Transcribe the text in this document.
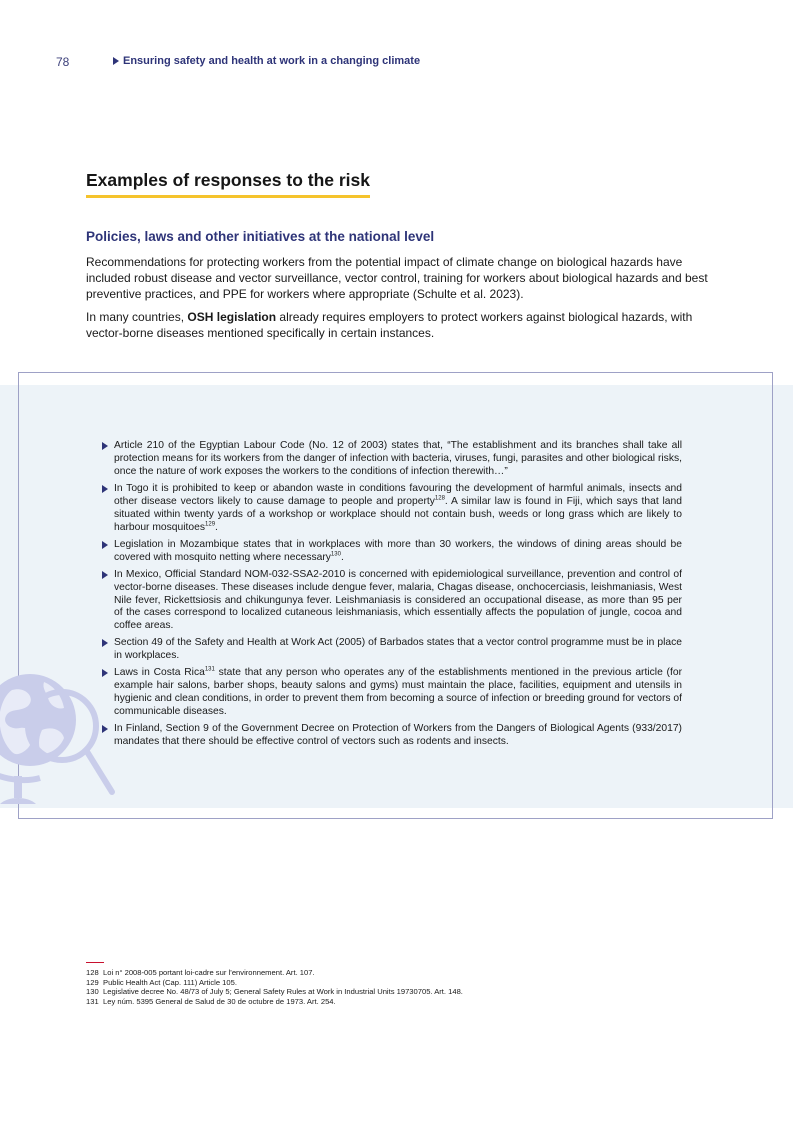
78	Ensuring safety and health at work in a changing climate
Examples of responses to the risk
Policies, laws and other initiatives at the national level

Recommendations for protecting workers from the potential impact of climate change on biological hazards have included robust disease and vector surveillance, vector control, training for workers about biological hazards and best preventive practices, and PPE for workers where appropriate (Schulte et al. 2023).

In many countries, OSH legislation already requires employers to protect workers against biological hazards, with vector-borne diseases mentioned specifically in certain instances.

Article 210 of the Egyptian Labour Code (No. 12 of 2003) states that, “The establishment and its branches shall take all protection means for its workers from the danger of infection with bacteria, viruses, fungi, parasites and other biological risks, once the nature of work exposes the workers to the conditions of infection therewith…”
In Togo it is prohibited to keep or abandon waste in conditions favouring the development of harmful animals, insects and other disease vectors likely to cause damage to people and property$^{128}$. A similar law is found in Fiji, which says that land situated within twenty yards of a workshop or workplace should not contain bush, weeds or long grass which are likely to harbour mosquitoes$^{129}$.
Legislation in Mozambique states that in workplaces with more than 30 workers, the windows of dining areas should be covered with mosquito netting where necessary$^{130}$.
In Mexico, Official Standard NOM-032-SSA2-2010 is concerned with epidemiological surveillance, prevention and control of vector-borne diseases. These diseases include dengue fever, malaria, Chagas disease, onchocerciasis, leishmaniasis, West Nile fever, Rickettsiosis and chikungunya fever. Leishmaniasis is considered an occupational disease, as more than 95 per of the cases correspond to localized cutaneous leishmaniasis, which essentially affects the population of jungle, cocoa and coffee areas.
Section 49 of the Safety and Health at Work Act (2005) of Barbados states that a vector control programme must be in place in workplaces.
Laws in Costa Rica$^{131}$ state that any person who operates any of the establishments mentioned in the previous article (for example hair salons, barber shops, beauty salons and gyms) must maintain the place, facilities, equipment and utensils in hygienic and clean conditions, in order to prevent them from becoming a source of infection or breeding ground for vectors of communicable diseases.
In Finland, Section 9 of the Government Decree on Protection of Workers from the Dangers of Biological Agents (933/2017) mandates that there should be effective control of vectors such as rodents and insects.
128 Loi n° 2008-005 portant loi-cadre sur l’environnement. Art. 107.
129 Public Health Act (Cap. 111) Article 105.
130 Legislative decree No. 48/73 of July 5; General Safety Rules at Work in Industrial Units 19730705. Art. 148.
131 Ley núm. 5395 General de Salud de 30 de octubre de 1973. Art. 254.
